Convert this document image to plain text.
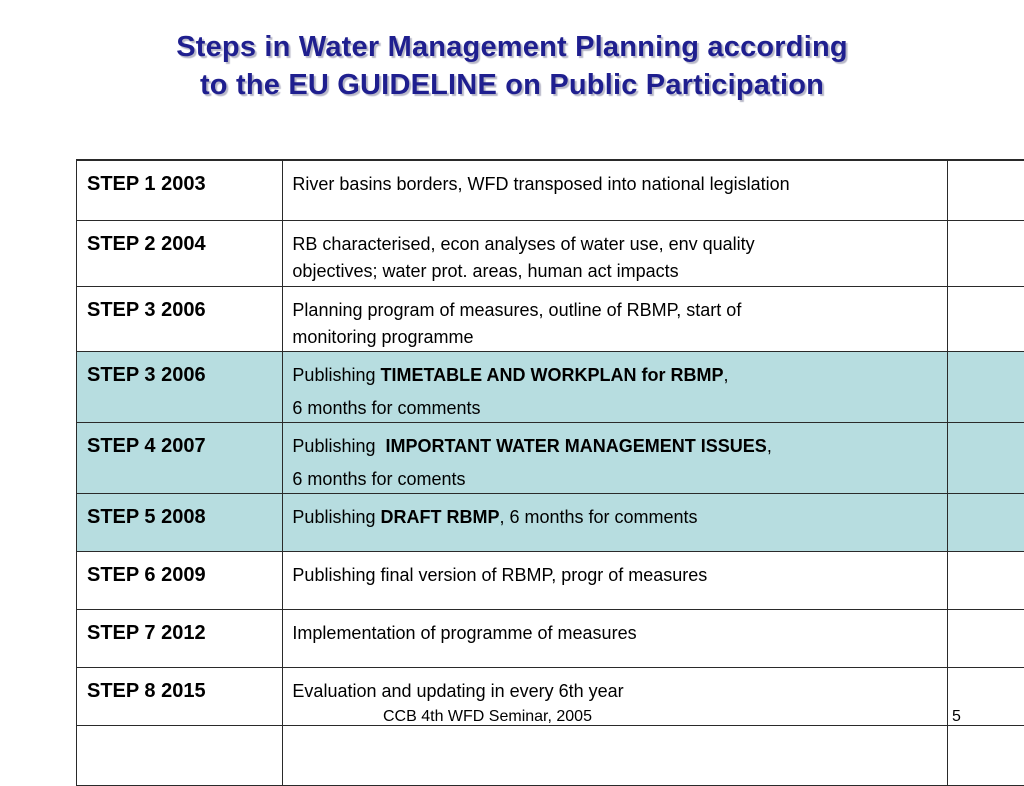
Steps in Water Management Planning according
to the EU GUIDELINE on Public Participation
STEP 1 2003	River basins borders, WFD transposed into national legislation	

STEP 2 2004	RB characterised, econ analyses of water use, env quality
objectives; water prot. areas, human act impacts	

STEP 3 2006	Planning program of measures, outline of RBMP, start of
monitoring programme	

STEP 3 2006	Publishing TIMETABLE AND WORKPLAN for RBMP,
6 months for comments	

STEP 4 2007	Publishing  IMPORTANT WATER MANAGEMENT ISSUES,
6 months for coments	

STEP 5 2008	Publishing DRAFT RBMP, 6 months for comments	

STEP 6 2009	Publishing final version of RBMP, progr of measures	

STEP 7 2012	Implementation of programme of measures	

STEP 8 2015	Evaluation and updating in every 6th year	

CCB 4th WFD Seminar, 2005	5
